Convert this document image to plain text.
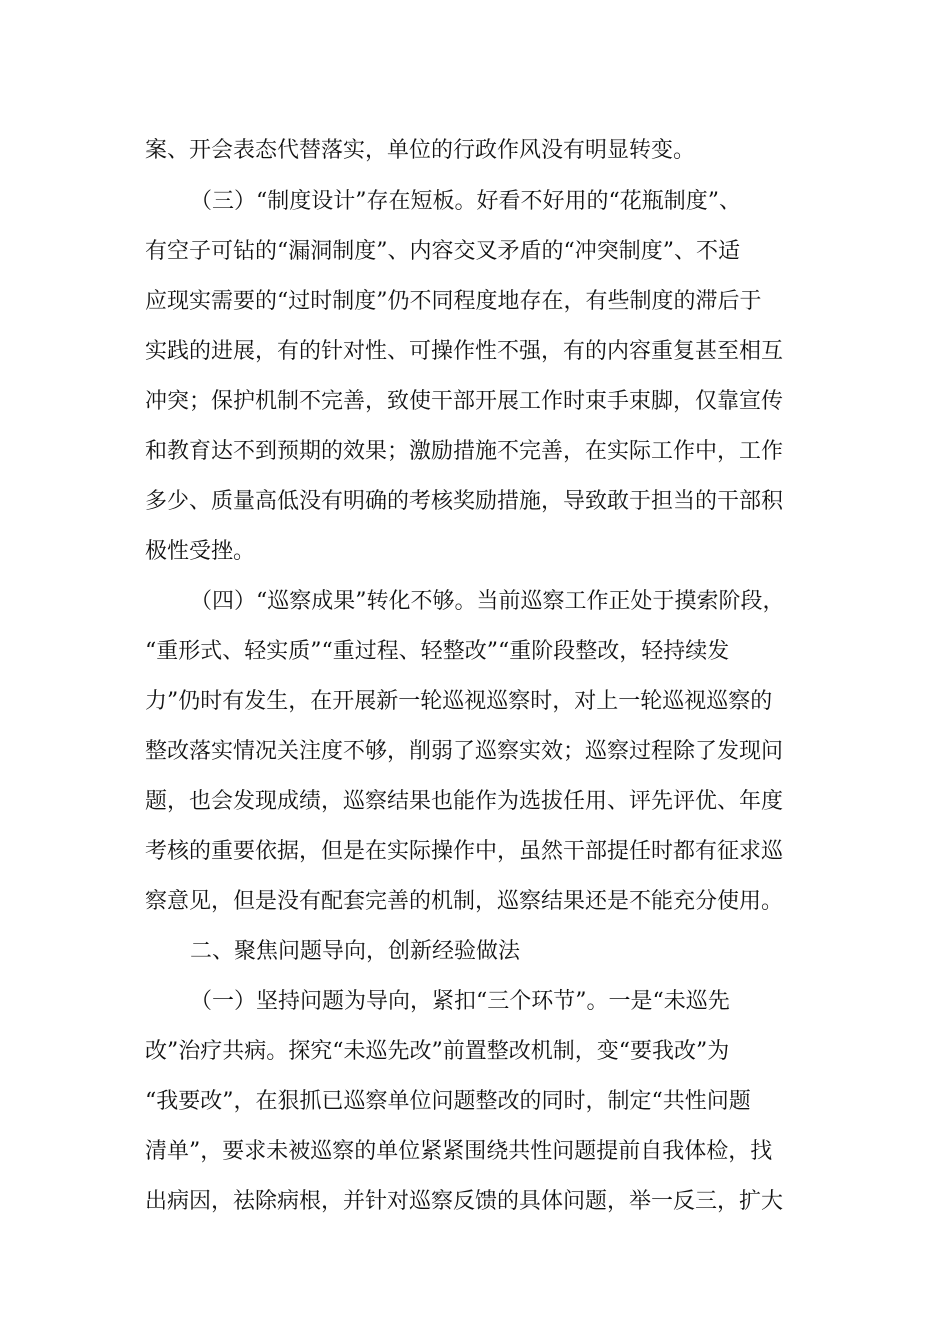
案、开会表态代替落实，单位的行政作风没有明显转变。
（三）“制度设计”存在短板。好看不好用的“花瓶制度”、
有空子可钻的“漏洞制度”、内容交叉矛盾的“冲突制度”、不适
应现实需要的“过时制度”仍不同程度地存在，有些制度的滞后于
实践的进展，有的针对性、可操作性不强，有的内容重复甚至相互
冲突；保护机制不完善，致使干部开展工作时束手束脚，仅靠宣传
和教育达不到预期的效果；激励措施不完善，在实际工作中，工作
多少、质量高低没有明确的考核奖励措施，导致敢于担当的干部积
极性受挫。
（四）“巡察成果”转化不够。当前巡察工作正处于摸索阶段，
“重形式、轻实质”“重过程、轻整改”“重阶段整改，轻持续发
力”仍时有发生，在开展新一轮巡视巡察时，对上一轮巡视巡察的
整改落实情况关注度不够，削弱了巡察实效；巡察过程除了发现问
题，也会发现成绩，巡察结果也能作为选拔任用、评先评优、年度
考核的重要依据，但是在实际操作中，虽然干部提任时都有征求巡
察意见，但是没有配套完善的机制，巡察结果还是不能充分使用。
二、聚焦问题导向，创新经验做法
（一）坚持问题为导向，紧扣“三个环节”。一是“未巡先
改”治疗共病。探究“未巡先改”前置整改机制，变“要我改”为
“我要改”，在狠抓已巡察单位问题整改的同时，制定“共性问题
清单”，要求未被巡察的单位紧紧围绕共性问题提前自我体检，找
出病因，祛除病根，并针对巡察反馈的具体问题，举一反三，扩大
